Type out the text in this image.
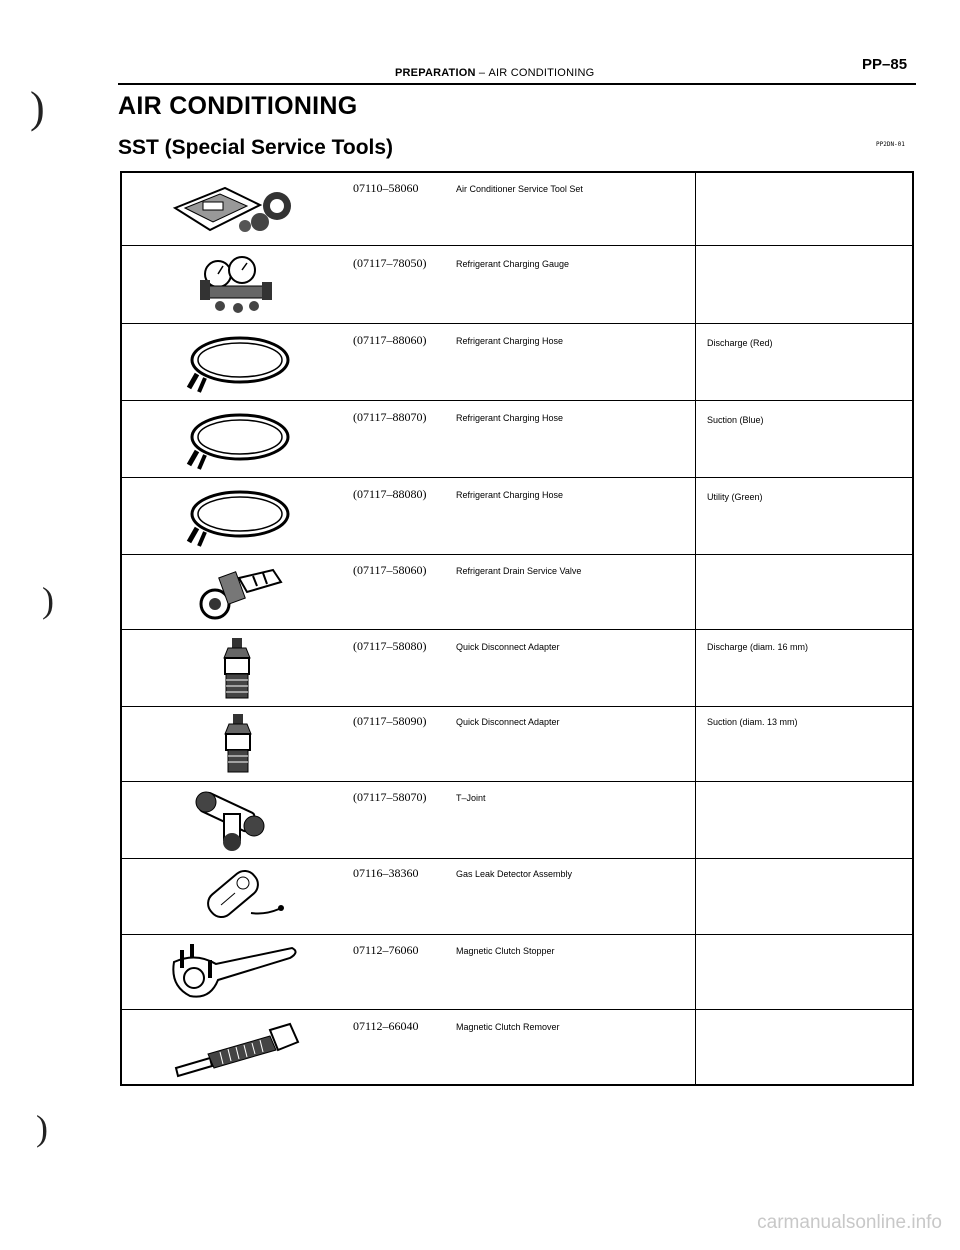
PP–85
PREPARATION – AIR CONDITIONING
AIR CONDITIONING
SST (Special Service Tools)	PP2DN-01
)
)
)
07110–58060	Air Conditioner Service Tool Set
(07117–78050)	Refrigerant Charging Gauge
(07117–88060)	Refrigerant Charging Hose	Discharge (Red)
(07117–88070)	Refrigerant Charging Hose	Suction (Blue)
(07117–88080)	Refrigerant Charging Hose	Utility (Green)
(07117–58060)	Refrigerant Drain Service Valve
(07117–58080)	Quick Disconnect Adapter	Discharge (diam. 16 mm)
(07117–58090)	Quick Disconnect Adapter	Suction (diam. 13 mm)
(07117–58070)	T–Joint
07116–38360	Gas Leak Detector Assembly
07112–76060	Magnetic Clutch Stopper
07112–66040	Magnetic Clutch Remover
carmanualsonline.info
